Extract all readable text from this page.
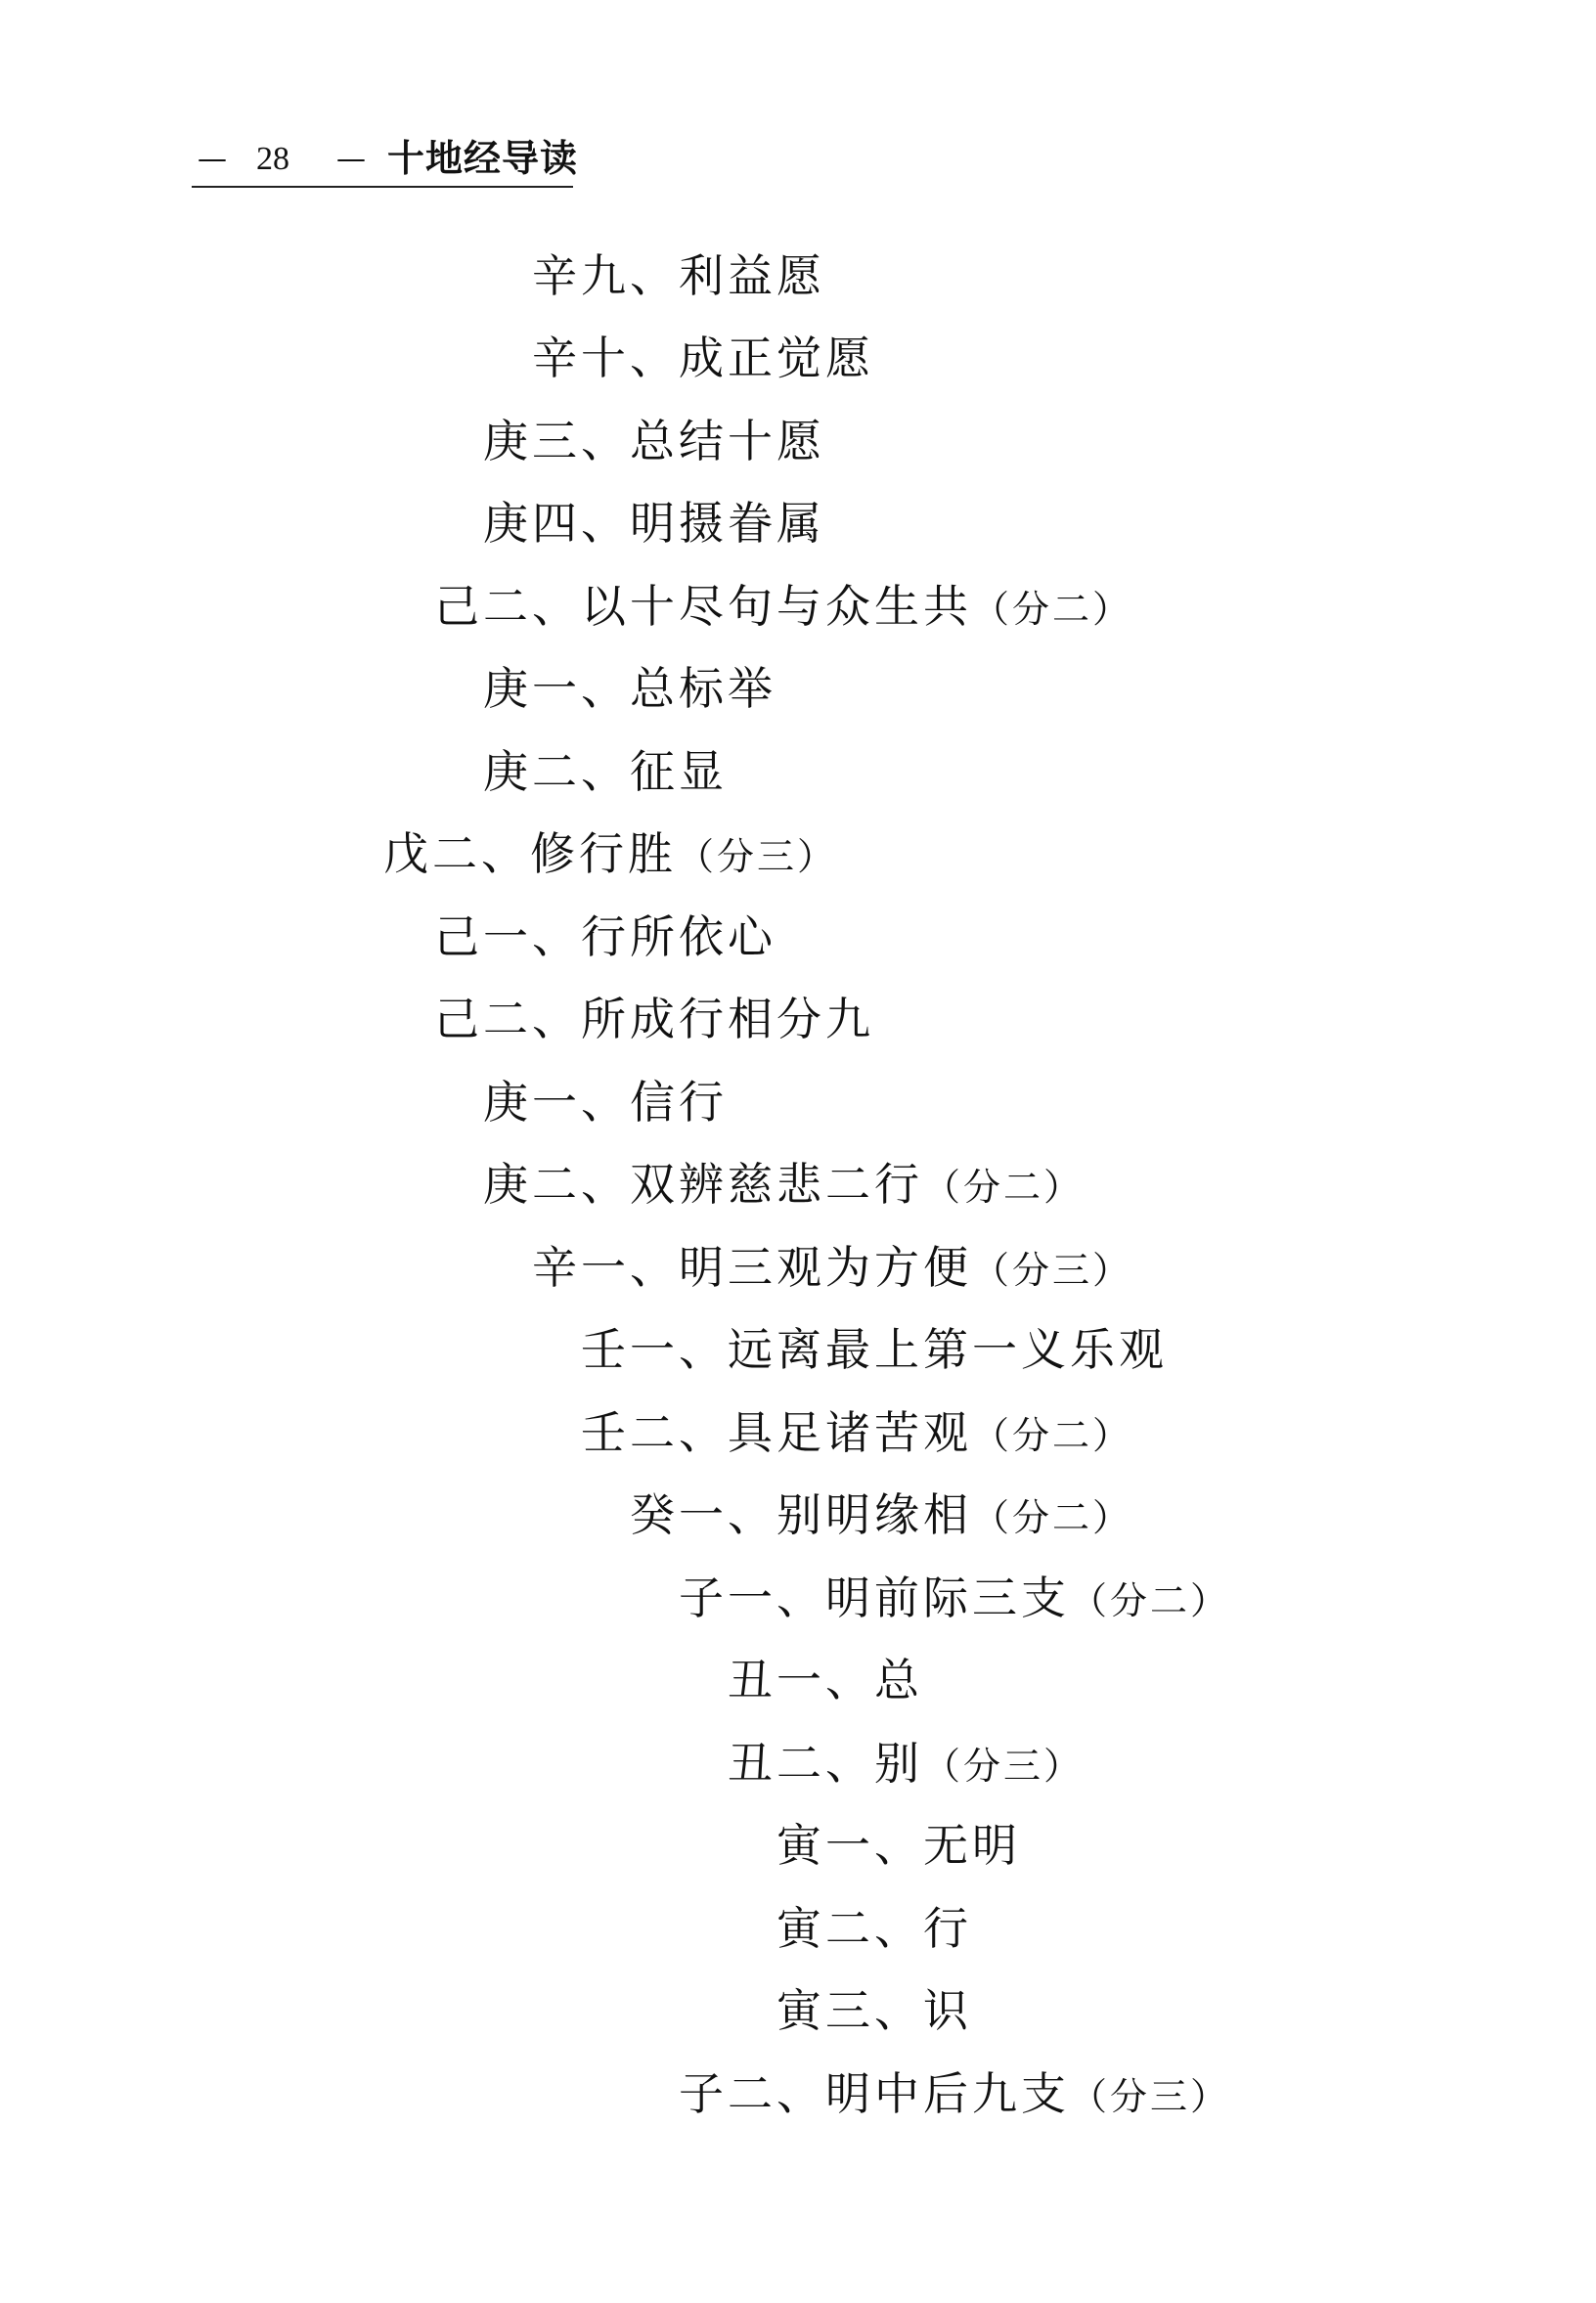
— 28 — 十地经导读
辛九、利益愿
辛十、成正觉愿
庚三、总结十愿
庚四、明摄眷属
己二、以十尽句与众生共（分二）
庚一、总标举
庚二、征显
戊二、修行胜（分三）
己一、行所依心
己二、所成行相分九
庚一、信行
庚二、双辨慈悲二行（分二）
辛一、明三观为方便（分三）
壬一、远离最上第一义乐观
壬二、具足诸苦观（分二）
癸一、别明缘相（分二）
子一、明前际三支（分二）
丑一、总
丑二、别（分三）
寅一、无明
寅二、行
寅三、识
子二、明中后九支（分三）
